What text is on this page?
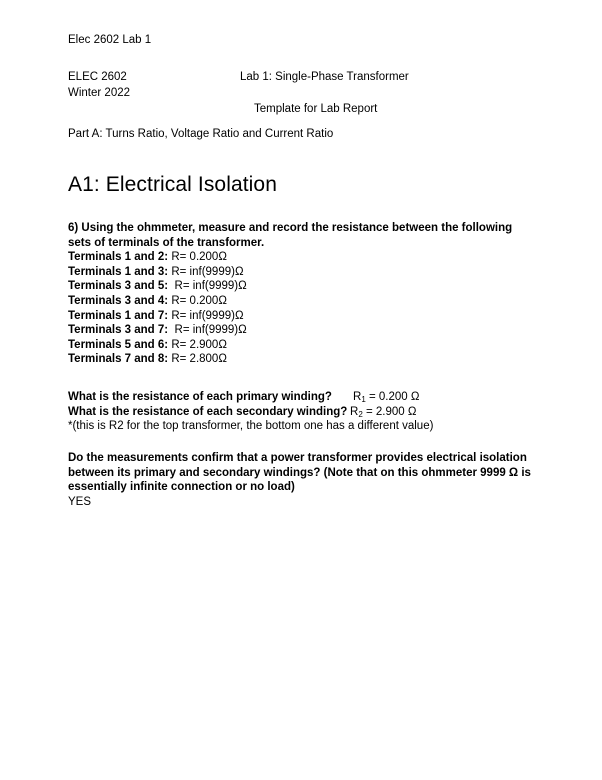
Elec 2602 Lab 1
ELEC 2602	Lab 1: Single-Phase Transformer
Winter 2022
Template for Lab Report
Part A: Turns Ratio, Voltage Ratio and Current Ratio
A1: Electrical Isolation

6) Using the ohmmeter, measure and record the resistance between the following sets of terminals of the transformer.

Terminals 1 and 2: R= 0.200Ω
Terminals 1 and 3: R= inf(9999)Ω
Terminals 3 and 5:  R= inf(9999)Ω
Terminals 3 and 4: R= 0.200Ω
Terminals 1 and 7: R= inf(9999)Ω
Terminals 3 and 7:  R= inf(9999)Ω
Terminals 5 and 6: R= 2.900Ω
Terminals 7 and 8: R= 2.800Ω
What is the resistance of each primary winding? $R_1 = 0.200$ Ω
What is the resistance of each secondary winding? $R_2 = 2.900$ Ω
*(this is R2 for the top transformer, the bottom one has a different value)

Do the measurements confirm that a power transformer provides electrical isolation between its primary and secondary windings? (Note that on this ohmmeter 9999 Ω is essentially infinite connection or no load)

YES
